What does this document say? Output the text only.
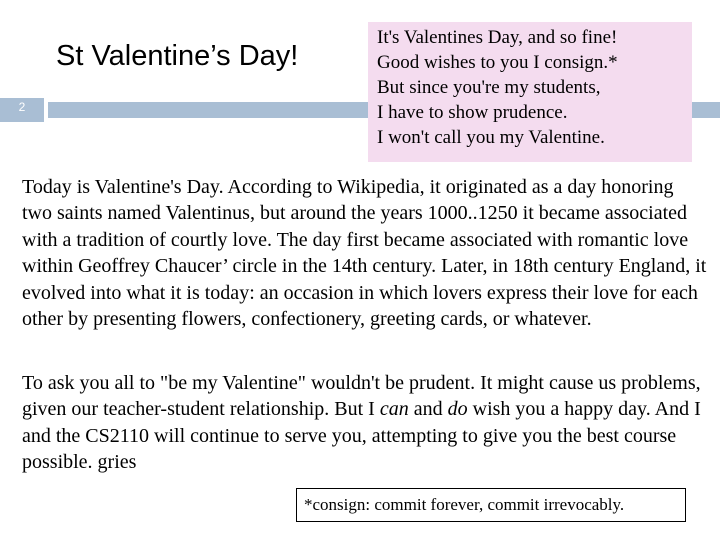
St Valentine’s Day!
2
It's Valentines Day, and so fine!
Good wishes to you I consign.*
But since you're my students,
I have to show prudence.
I won't call you my Valentine.

Today is Valentine's Day. According to Wikipedia, it originated as a day honoring two saints named Valentinus, but around the years 1000..1250 it became associated with a tradition of courtly love. The day first became associated with romantic love within Geoffrey Chaucer’ circle in the 14th century. Later, in 18th century England, it evolved into what it is today: an occasion in which lovers express their love for each other by presenting flowers, confectionery, greeting cards, or whatever.

To ask you all to "be my Valentine" wouldn't be prudent. It might cause us problems, given our teacher-student relationship. But I can and do wish you a happy day. And I and the CS2110 will continue to serve you, attempting to give you the best course possible. gries

*consign: commit forever, commit irrevocably.
